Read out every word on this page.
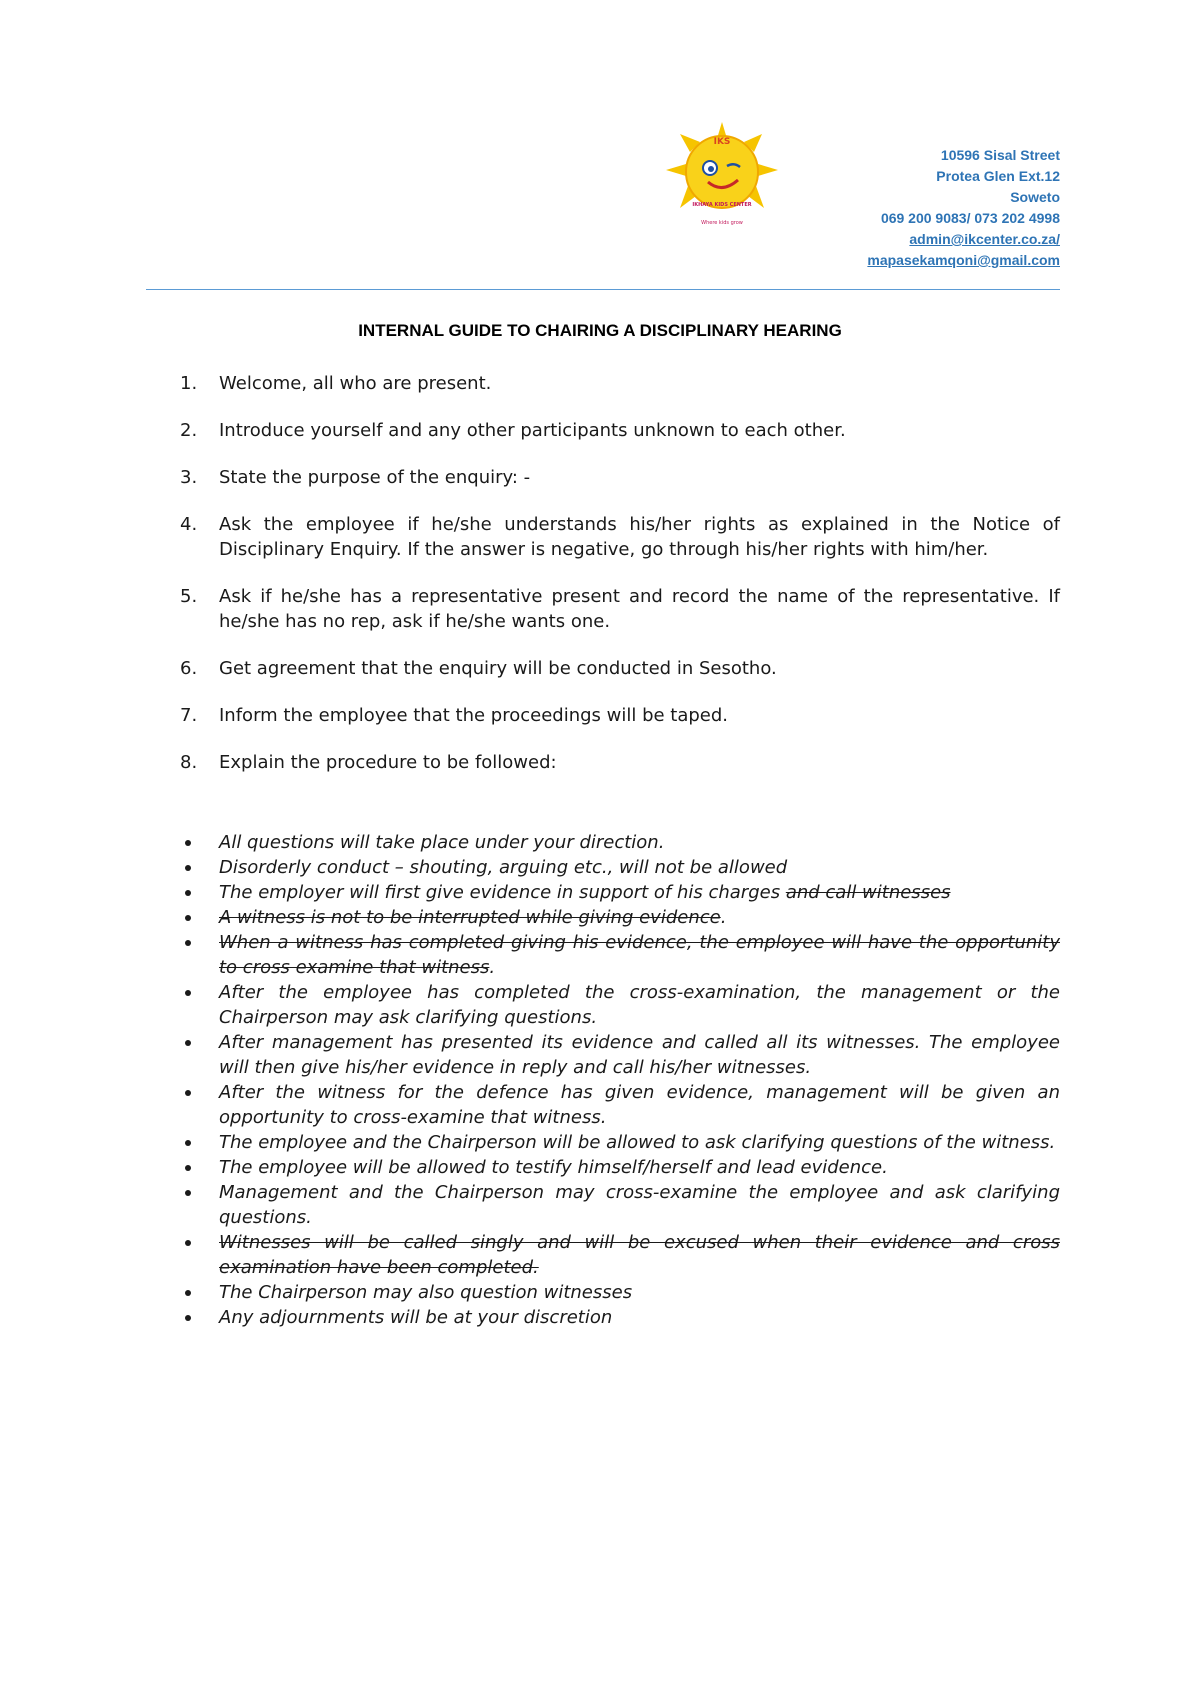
IKS
IKHAYA KIDS CENTER
Where kids grow
10596 Sisal Street
Protea Glen Ext.12
Soweto
069 200 9083/ 073 202 4998
admin@ikcenter.co.za/
mapasekamqoni@gmail.com
INTERNAL GUIDE TO CHAIRING A DISCIPLINARY HEARING
1. Welcome, all who are present.
2. Introduce yourself and any other participants unknown to each other.
3. State the purpose of the enquiry: -
4. Ask the employee if he/she understands his/her rights as explained in the Notice of Disciplinary Enquiry. If the answer is negative, go through his/her rights with him/her.
5. Ask if he/she has a representative present and record the name of the representative. If he/she has no rep, ask if he/she wants one.
6. Get agreement that the enquiry will be conducted in Sesotho.
7. Inform the employee that the proceedings will be taped.
8. Explain the procedure to be followed:
All questions will take place under your direction.
Disorderly conduct – shouting, arguing etc., will not be allowed
The employer will first give evidence in support of his charges and call witnesses
A witness is not to be interrupted while giving evidence.
When a witness has completed giving his evidence, the employee will have the opportunity to cross examine that witness.
After the employee has completed the cross-examination, the management or the Chairperson may ask clarifying questions.
After management has presented its evidence and called all its witnesses. The employee will then give his/her evidence in reply and call his/her witnesses.
After the witness for the defence has given evidence, management will be given an opportunity to cross-examine that witness.
The employee and the Chairperson will be allowed to ask clarifying questions of the witness.
The employee will be allowed to testify himself/herself and lead evidence.
Management and the Chairperson may cross-examine the employee and ask clarifying questions.
Witnesses will be called singly and will be excused when their evidence and cross examination have been completed.
The Chairperson may also question witnesses
Any adjournments will be at your discretion
